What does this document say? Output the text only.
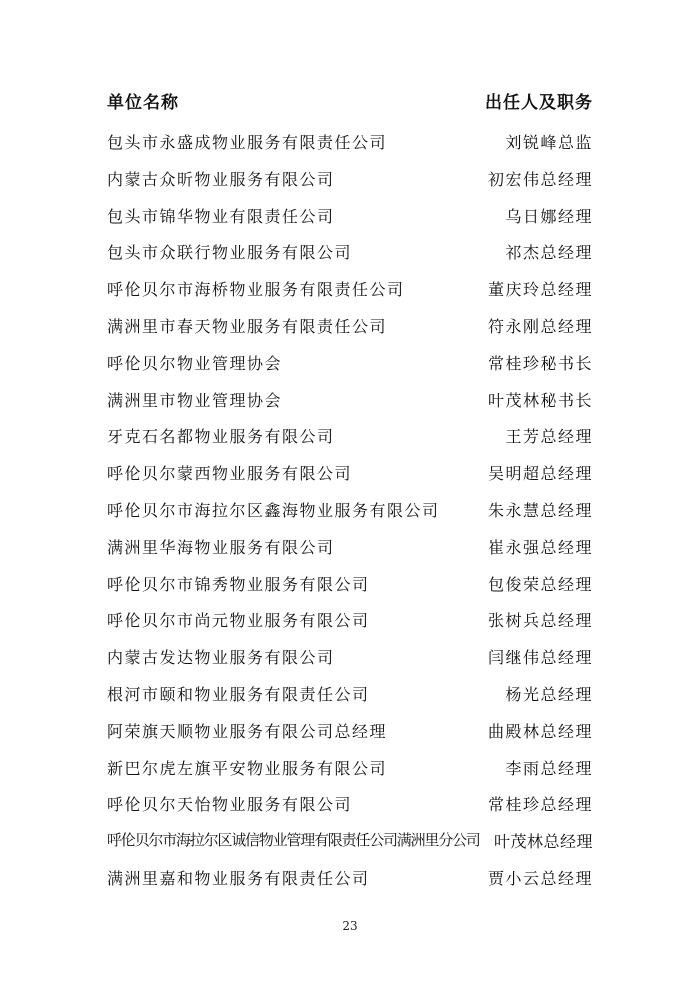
单位名称	出任人及职务
包头市永盛成物业服务有限责任公司	刘锐峰总监
内蒙古众昕物业服务有限公司	初宏伟总经理
包头市锦华物业有限责任公司	乌日娜经理
包头市众联行物业服务有限公司	祁杰总经理
呼伦贝尔市海桥物业服务有限责任公司	董庆玲总经理
满洲里市春天物业服务有限责任公司	符永刚总经理
呼伦贝尔物业管理协会	常桂珍秘书长
满洲里市物业管理协会	叶茂林秘书长
牙克石名都物业服务有限公司	王芳总经理
呼伦贝尔蒙西物业服务有限公司	吴明超总经理
呼伦贝尔市海拉尔区鑫海物业服务有限公司	朱永慧总经理
满洲里华海物业服务有限公司	崔永强总经理
呼伦贝尔市锦秀物业服务有限公司	包俊荣总经理
呼伦贝尔市尚元物业服务有限公司	张树兵总经理
内蒙古发达物业服务有限公司	闫继伟总经理
根河市颐和物业服务有限责任公司	杨光总经理
阿荣旗天顺物业服务有限公司总经理	曲殿林总经理
新巴尔虎左旗平安物业服务有限公司	李雨总经理
呼伦贝尔天怡物业服务有限公司	常桂珍总经理
呼伦贝尔市海拉尔区诚信物业管理有限责任公司满洲里分公司 叶茂林总经理
满洲里嘉和物业服务有限责任公司	贾小云总经理
23
